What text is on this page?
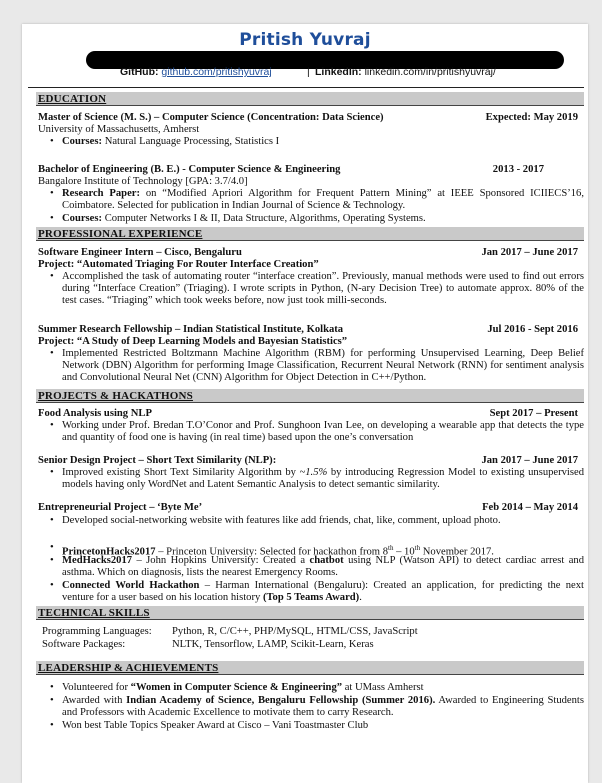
Pritish Yuvraj
GitHub: github.com/pritishyuvraj	| LinkedIn: linkedin.com/in/pritishyuvraj/
EDUCATION
Master of Science (M. S.) – Computer Science (Concentration: Data Science)	Expected: May 2019
University of Massachusetts, Amherst
• Courses: Natural Language Processing, Statistics I
Bachelor of Engineering (B. E.) - Computer Science & Engineering	2013 - 2017
Bangalore Institute of Technology [GPA: 3.7/4.0]
• Research Paper: on “Modified Apriori Algorithm for Frequent Pattern Mining” at IEEE Sponsored ICIIECS’16, Coimbatore. Selected for publication in Indian Journal of Science & Technology.
• Courses: Computer Networks I & II, Data Structure, Algorithms, Operating Systems.
PROFESSIONAL EXPERIENCE
Software Engineer Intern – Cisco, Bengaluru	Jan 2017 – June 2017
Project: “Automated Triaging For Router Interface Creation”
• Accomplished the task of automating router “interface creation”. Previously, manual methods were used to find out errors during “Interface Creation” (Triaging). I wrote scripts in Python, (N-ary Decision Tree) to automate approx. 80% of the test cases. “Triaging” which took weeks before, now just took milli-seconds.
Summer Research Fellowship – Indian Statistical Institute, Kolkata	Jul 2016 - Sept 2016
Project: “A Study of Deep Learning Models and Bayesian Statistics”
• Implemented Restricted Boltzmann Machine Algorithm (RBM) for performing Unsupervised Learning, Deep Belief Network (DBN) Algorithm for performing Image Classification, Recurrent Neural Network (RNN) for sentiment analysis and Convolutional Neural Net (CNN) Algorithm for Object Detection in C++/Python.
PROJECTS & HACKATHONS
Food Analysis using NLP	Sept 2017 – Present
• Working under Prof. Bredan T.O’Conor and Prof. Sunghoon Ivan Lee, on developing a wearable app that detects the type and quantity of food one is having (in real time) based upon the one’s conversation
Senior Design Project – Short Text Similarity (NLP):	Jan 2017 – June 2017
• Improved existing Short Text Similarity Algorithm by ~1.5% by introducing Regression Model to existing unsupervised models having only WordNet and Latent Semantic Analysis to detect semantic similarity.
Entrepreneurial Project – ‘Byte Me’	Feb 2014 – May 2014
• Developed social-networking website with features like add friends, chat, like, comment, upload photo.
• PrincetonHacks2017 – Princeton University: Selected for hackathon from 8th – 10th November 2017.
• MedHacks2017 – John Hopkins University: Created a chatbot using NLP (Watson API) to detect cardiac arrest and asthma. Which on diagnosis, lists the nearest Emergency Rooms.
• Connected World Hackathon – Harman International (Bengaluru): Created an application, for predicting the next venture for a user based on his location history (Top 5 Teams Award).
TECHNICAL SKILLS
Programming Languages: Python, R, C/C++, PHP/MySQL, HTML/CSS, JavaScript
Software Packages:	NLTK, Tensorflow, LAMP, Scikit-Learn, Keras
LEADERSHIP & ACHIEVEMENTS
• Volunteered for “Women in Computer Science & Engineering” at UMass Amherst
• Awarded with Indian Academy of Science, Bengaluru Fellowship (Summer 2016). Awarded to Engineering Students and Professors with Academic Excellence to motivate them to carry Research.
• Won best Table Topics Speaker Award at Cisco – Vani Toastmaster Club
